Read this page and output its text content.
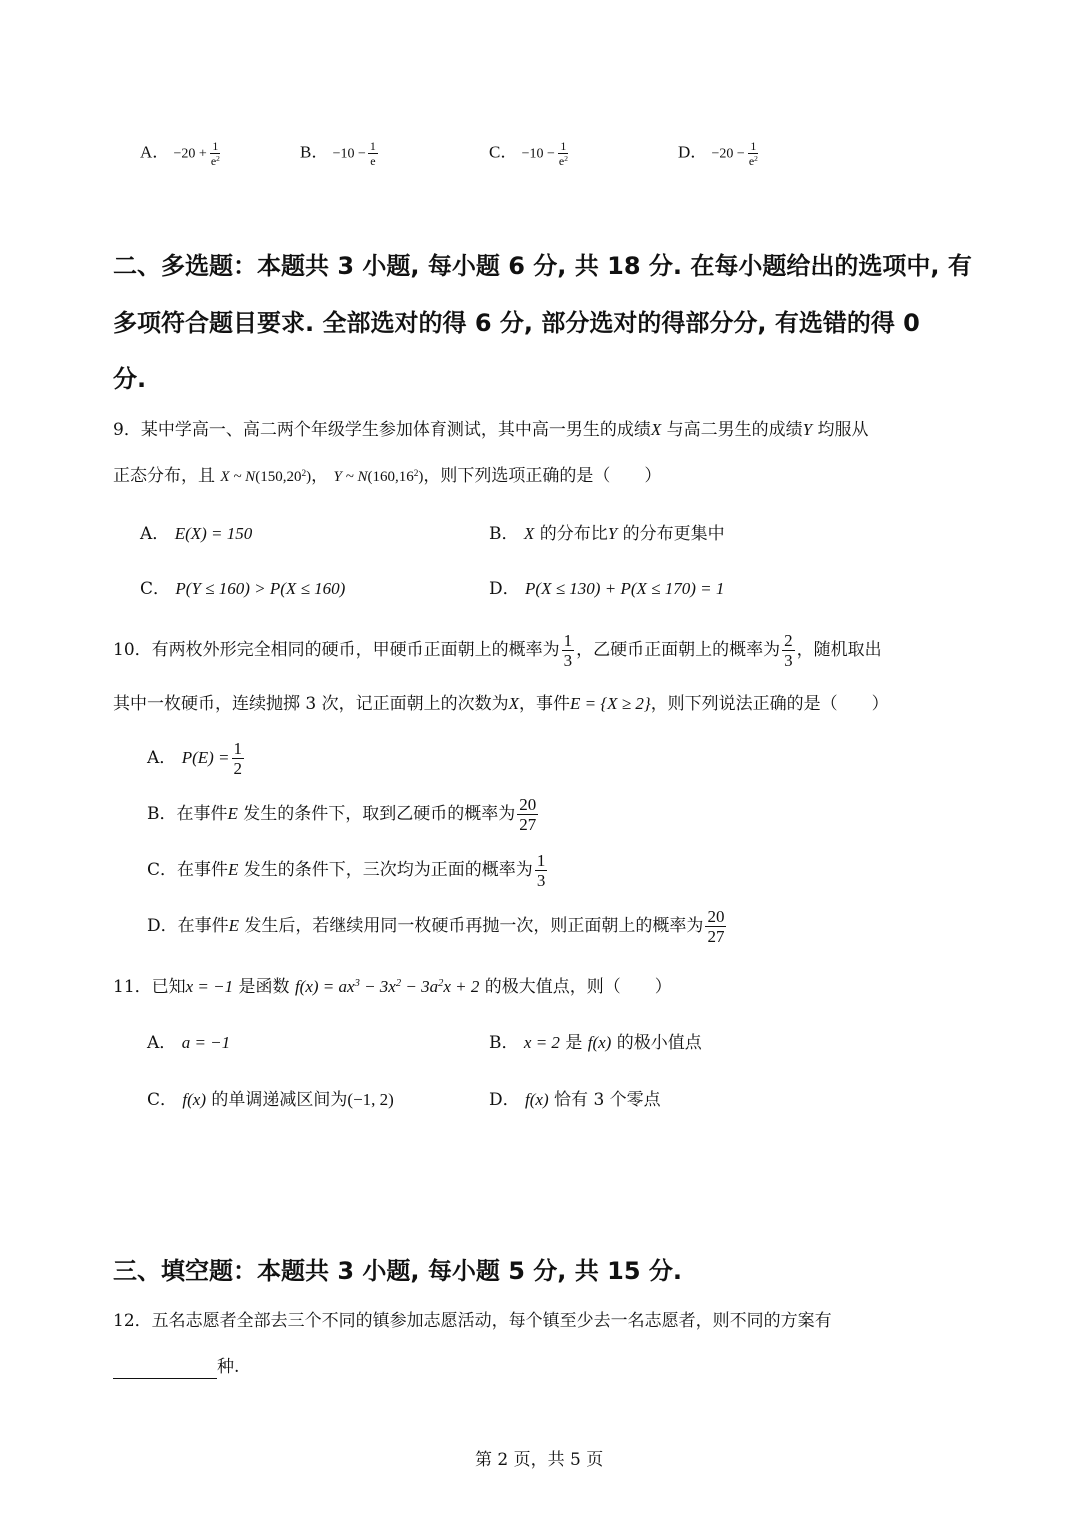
A． $-20 + \frac{1}{e^2}$	B． $-10 - \frac{1}{e}$	C． $-10 - \frac{1}{e^2}$	D． $-20 - \frac{1}{e^2}$
二、多选题：本题共 3 小题, 每小题 6 分, 共 18 分. 在每小题给出的选项中, 有
多项符合题目要求. 全部选对的得 6 分, 部分选对的得部分分, 有选错的得 0
分.
9．某中学高一、高二两个年级学生参加体育测试，其中高一男生的成绩X 与高二男生的成绩Y 均服从
正态分布，且 X ~ N(150,20$^2$)， Y ~ N(160,16$^2$)，则下列选项正确的是（　　）
A． E(X) = 150	B． X 的分布比Y 的分布更集中
C． P(Y ≤ 160) > P(X ≤ 160)	D． P(X ≤ 130) + P(X ≤ 170) = 1
10．有两枚外形完全相同的硬币，甲硬币正面朝上的概率为 $\frac{1}{3}$ ，乙硬币正面朝上的概率为 $\frac{2}{3}$ ，随机取出
其中一枚硬币，连续抛掷 3 次，记正面朝上的次数为X，事件E = {X ≥ 2}，则下列说法正确的是（　　）
A． $P(E) = \frac{1}{2}$
B．在事件E 发生的条件下，取到乙硬币的概率为 $\frac{20}{27}$
C．在事件E 发生的条件下，三次均为正面的概率为 $\frac{1}{3}$
D．在事件E 发生后，若继续用同一枚硬币再抛一次，则正面朝上的概率为 $\frac{20}{27}$
11．已知x = −1 是函数 $f(x) = ax^3 - 3x^2 - 3a^2x + 2$ 的极大值点，则（　　）
A． a = −1	B． x = 2 是 f(x) 的极小值点
C． f(x) 的单调递减区间为(−1, 2)	D． f(x) 恰有 3 个零点
三、填空题：本题共 3 小题, 每小题 5 分, 共 15 分.
12．五名志愿者全部去三个不同的镇参加志愿活动，每个镇至少去一名志愿者，则不同的方案有
种.
第 2 页，共 5 页
